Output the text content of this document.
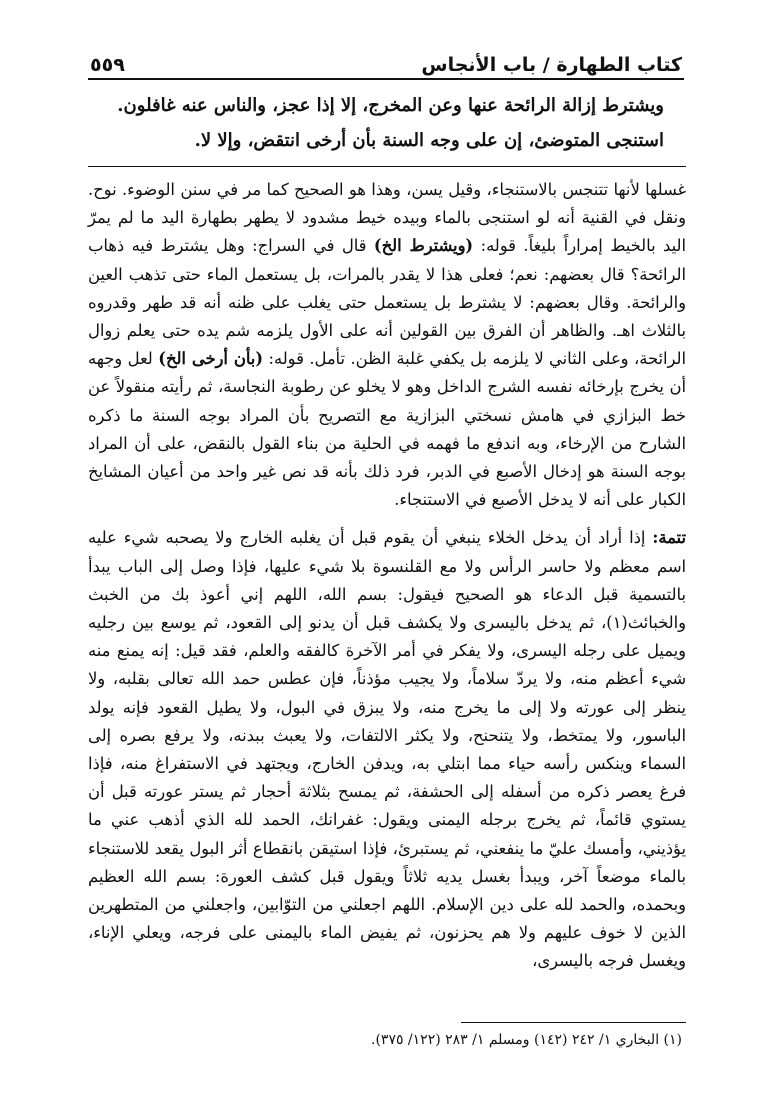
كتاب الطهارة / باب الأنجاس
٥٥٩

ويشترط إزالة الرائحة عنها وعن المخرج، إلا إذا عجز، والناس عنه غافلون.

استنجى المتوضئ، إن على وجه السنة بأن أرخى انتقض، وإلا لا.

غسلها لأنها تتنجس بالاستنجاء، وقيل يسن، وهذا هو الصحيح كما مر في سنن الوضوء. نوح. ونقل في القنية أنه لو استنجى بالماء وبيده خيط مشدود لا يطهر بطهارة اليد ما لم يمرّ اليد بالخيط إمراراً بليغاً. قوله: (ويشترط الخ) قال في السراج: وهل يشترط فيه ذهاب الرائحة؟ قال بعضهم: نعم؛ فعلى هذا لا يقدر بالمرات، بل يستعمل الماء حتى تذهب العين والرائحة. وقال بعضهم: لا يشترط بل يستعمل حتى يغلب على ظنه أنه قد طهر وقدروه بالثلاث اهـ. والظاهر أن الفرق بين القولين أنه على الأول يلزمه شم يده حتى يعلم زوال الرائحة، وعلى الثاني لا يلزمه بل يكفي غلبة الظن. تأمل. قوله: (بأن أرخى الخ) لعل وجهه أن يخرج بإرخائه نفسه الشرج الداخل وهو لا يخلو عن رطوبة النجاسة، ثم رأيته منقولاً عن خط البزازي في هامش نسختي البزازية مع التصريح بأن المراد بوجه السنة ما ذكره الشارح من الإرخاء، وبه اندفع ما فهمه في الحلية من بناء القول بالنقض، على أن المراد بوجه السنة هو إدخال الأصبع في الدبر، فرد ذلك بأنه قد نص غير واحد من أعيان المشايخ الكبار على أنه لا يدخل الأصبع في الاستنجاء.

تتمة: إذا أراد أن يدخل الخلاء ينبغي أن يقوم قبل أن يغلبه الخارج ولا يصحبه شيء عليه اسم معظم ولا حاسر الرأس ولا مع القلنسوة بلا شيء عليها، فإذا وصل إلى الباب يبدأ بالتسمية قبل الدعاء هو الصحيح فيقول: بسم الله، اللهم إني أعوذ بك من الخبث والخبائث(١)، ثم يدخل باليسرى ولا يكشف قبل أن يدنو إلى القعود، ثم يوسع بين رجليه ويميل على رجله اليسرى، ولا يفكر في أمر الآخرة كالفقه والعلم، فقد قيل: إنه يمنع منه شيء أعظم منه، ولا يردّ سلاماً، ولا يجيب مؤذناً، فإن عطس حمد الله تعالى بقلبه، ولا ينظر إلى عورته ولا إلى ما يخرج منه، ولا يبزق في البول، ولا يطيل القعود فإنه يولد الباسور، ولا يمتخط، ولا يتنحنح، ولا يكثر الالتفات، ولا يعبث ببدنه، ولا يرفع بصره إلى السماء وينكس رأسه حياء مما ابتلي به، ويدفن الخارج، ويجتهد في الاستفراغ منه، فإذا فرغ يعصر ذكره من أسفله إلى الحشفة، ثم يمسح بثلاثة أحجار ثم يستر عورته قبل أن يستوي قائماً، ثم يخرج برجله اليمنى ويقول: غفرانك، الحمد لله الذي أذهب عني ما يؤذيني، وأمسك عليّ ما ينفعني، ثم يستبرئ، فإذا استيقن بانقطاع أثر البول يقعد للاستنجاء بالماء موضعاً آخر، ويبدأ بغسل يديه ثلاثاً ويقول قبل كشف العورة: بسم الله العظيم وبحمده، والحمد لله على دين الإسلام. اللهم اجعلني من التوّابين، واجعلني من المتطهرين الذين لا خوف عليهم ولا هم يحزنون، ثم يفيض الماء باليمنى على فرجه، ويعلي الإناء، ويغسل فرجه باليسرى،

(١) البخاري ١/ ٢٤٢ (١٤٢) ومسلم ١/ ٢٨٣ (١٢٢/ ٣٧٥).
